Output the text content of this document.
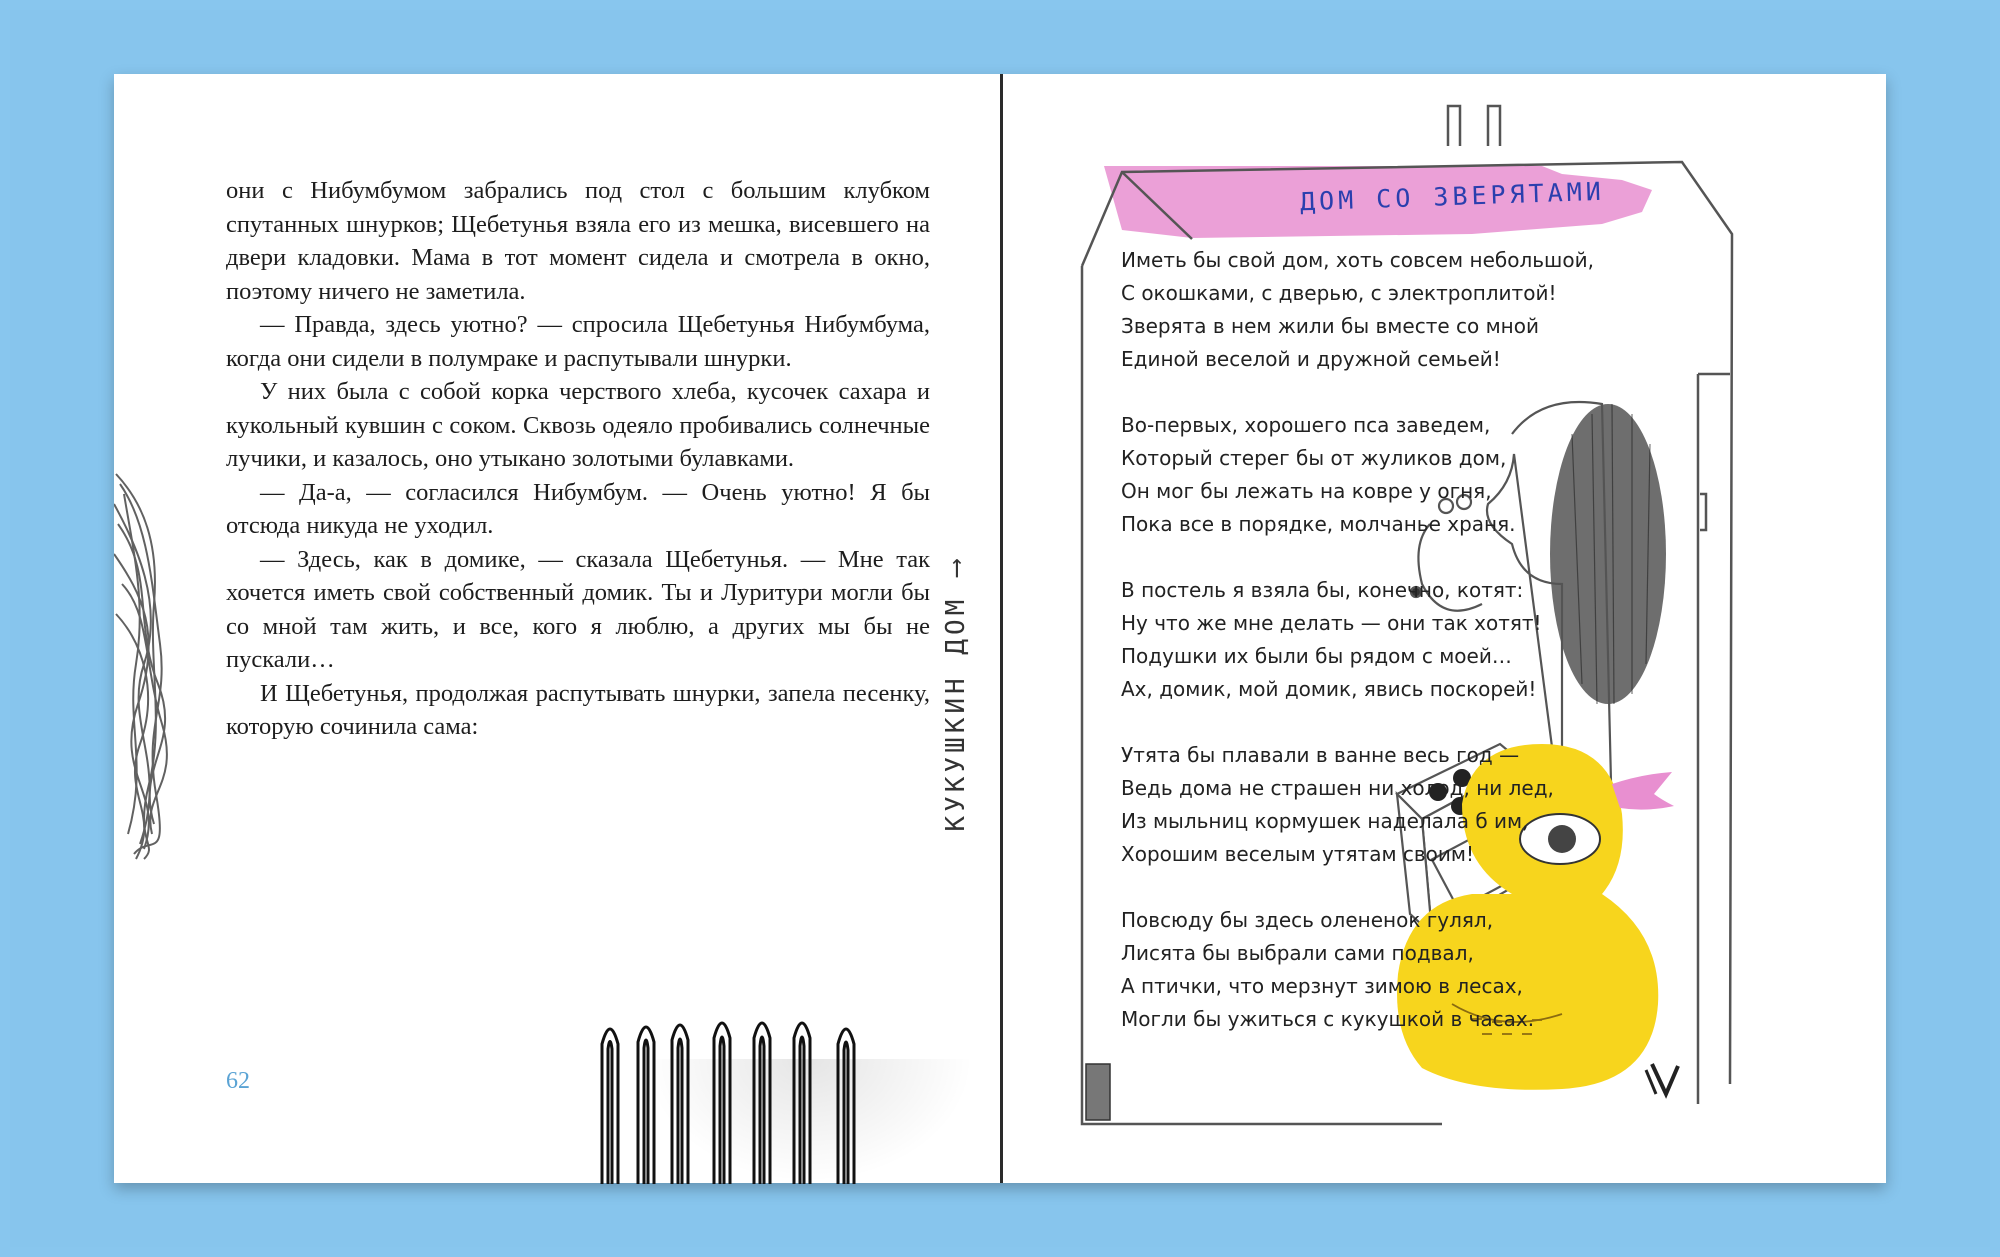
они с Нибумбумом забрались под стол с большим клубком спутанных шнурков; Щебетунья взяла его из мешка, висевшего на двери кладовки. Мама в тот момент сидела и смотрела в окно, поэтому ничего не заметила.

— Правда, здесь уютно? — спросила Щебетунья Нибумбума, когда они сидели в полумраке и распутывали шнурки.

У них была с собой корка черствого хлеба, кусочек сахара и кукольный кувшин с соком. Сквозь одеяло пробивались солнечные лучики, и казалось, оно утыкано золотыми булавками.

— Да-а, — согласился Нибумбум. — Очень уютно! Я бы отсюда никуда не уходил.

— Здесь, как в домике, — сказала Щебетунья. — Мне так хочется иметь свой собственный домик. Ты и Луритури могли бы со мной там жить, и все, кого я люблю, а других мы бы не пускали…

И Щебетунья, продолжая распутывать шнурки, запела песенку, которую сочинила сама:	КУКУШКИН ДОМ ⟶
62
ДОМ СО ЗВЕРЯТАМИ
Иметь бы свой дом, хоть совсем небольшой,
С окошками, с дверью, с электроплитой!
Зверята в нем жили бы вместе со мной
Единой веселой и дружной семьей!
Во-первых, хорошего пса заведем,
Который стерег бы от жуликов дом,
Он мог бы лежать на ковре у огня,
Пока все в порядке, молчанье храня.
В постель я взяла бы, конечно, котят:
Ну что же мне делать — они так хотят!
Подушки их были бы рядом с моей…
Ах, домик, мой домик, явись поскорей!
Утята бы плавали в ванне весь год —
Ведь дома не страшен ни холод, ни лед,
Из мыльниц кормушек наделала б им,
Хорошим веселым утятам своим!
Повсюду бы здесь олененок гулял,
Лисята бы выбрали сами подвал,
А птички, что мерзнут зимою в лесах,
Могли бы ужиться с кукушкой в часах.
